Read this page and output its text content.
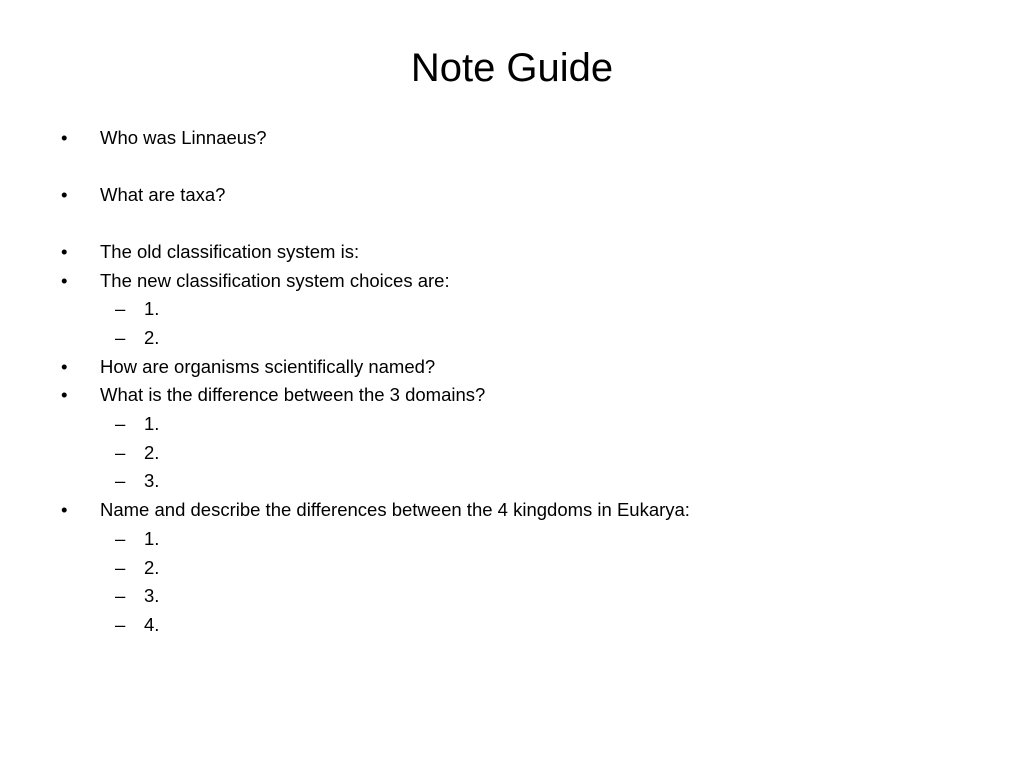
Note Guide
• Who was Linnaeus?
• What are taxa?
• The old classification system is:
• The new classification system choices are:
– 1.
– 2.
• How are organisms scientifically named?
• What is the difference between the 3 domains?
– 1.
– 2.
– 3.
• Name and describe the differences between the 4 kingdoms in Eukarya:
– 1.
– 2.
– 3.
– 4.
